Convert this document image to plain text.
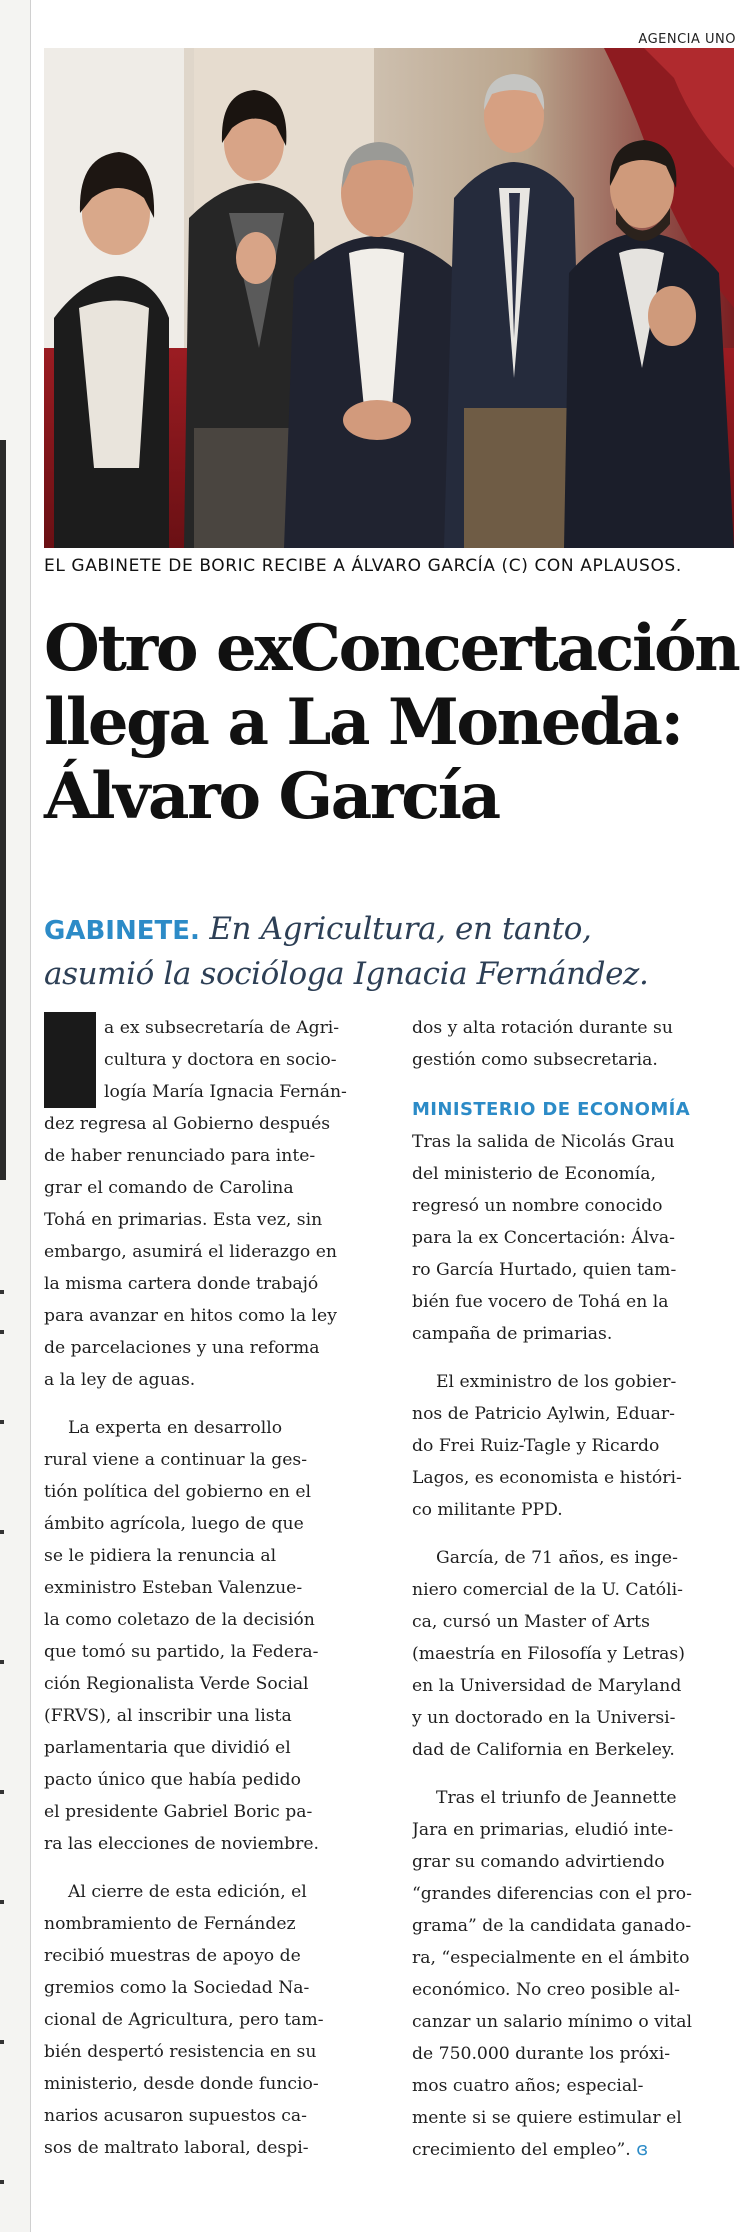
AGENCIA UNO
EL GABINETE DE BORIC RECIBE A ÁLVARO GARCÍA (C) CON APLAUSOS.
Otro exConcertación
llega a La Moneda:
Álvaro García
GABINETE. En Agricultura, en tanto,
asumió la socióloga Ignacia Fernández.

a ex subsecretaría de Agri-
cultura y doctora en socio-
logía María Ignacia Fernán-
dez regresa al Gobierno después
de haber renunciado para inte-
grar el comando de Carolina
Tohá en primarias. Esta vez, sin
embargo, asumirá el liderazgo en
la misma cartera donde trabajó
para avanzar en hitos como la ley
de parcelaciones y una reforma
a la ley de aguas.

La experta en desarrollo
rural viene a continuar la ges-
tión política del gobierno en el
ámbito agrícola, luego de que
se le pidiera la renuncia al
exministro Esteban Valenzue-
la como coletazo de la decisión
que tomó su partido, la Federa-
ción Regionalista Verde Social
(FRVS), al inscribir una lista
parlamentaria que dividió el
pacto único que había pedido
el presidente Gabriel Boric pa-
ra las elecciones de noviembre.

Al cierre de esta edición, el
nombramiento de Fernández
recibió muestras de apoyo de
gremios como la Sociedad Na-
cional de Agricultura, pero tam-
bién despertó resistencia en su
ministerio, desde donde funcio-
narios acusaron supuestos ca-
sos de maltrato laboral, despi-

dos y alta rotación durante su
gestión como subsecretaria.

MINISTERIO DE ECONOMÍA

Tras la salida de Nicolás Grau
del ministerio de Economía,
regresó un nombre conocido
para la ex Concertación: Álva-
ro García Hurtado, quien tam-
bién fue vocero de Tohá en la
campaña de primarias.

El exministro de los gobier-
nos de Patricio Aylwin, Eduar-
do Frei Ruiz-Tagle y Ricardo
Lagos, es economista e históri-
co militante PPD.

García, de 71 años, es inge-
niero comercial de la U. Católi-
ca, cursó un Master of Arts
(maestría en Filosofía y Letras)
en la Universidad de Maryland
y un doctorado en la Universi-
dad de California en Berkeley.

Tras el triunfo de Jeannette
Jara en primarias, eludió inte-
grar su comando advirtiendo
“grandes diferencias con el pro-
grama” de la candidata ganado-
ra, “especialmente en el ámbito
económico. No creo posible al-
canzar un salario mínimo o vital
de 750.000 durante los próxi-
mos cuatro años; especial-
mente si se quiere estimular el
crecimiento del empleo”. ɞ
